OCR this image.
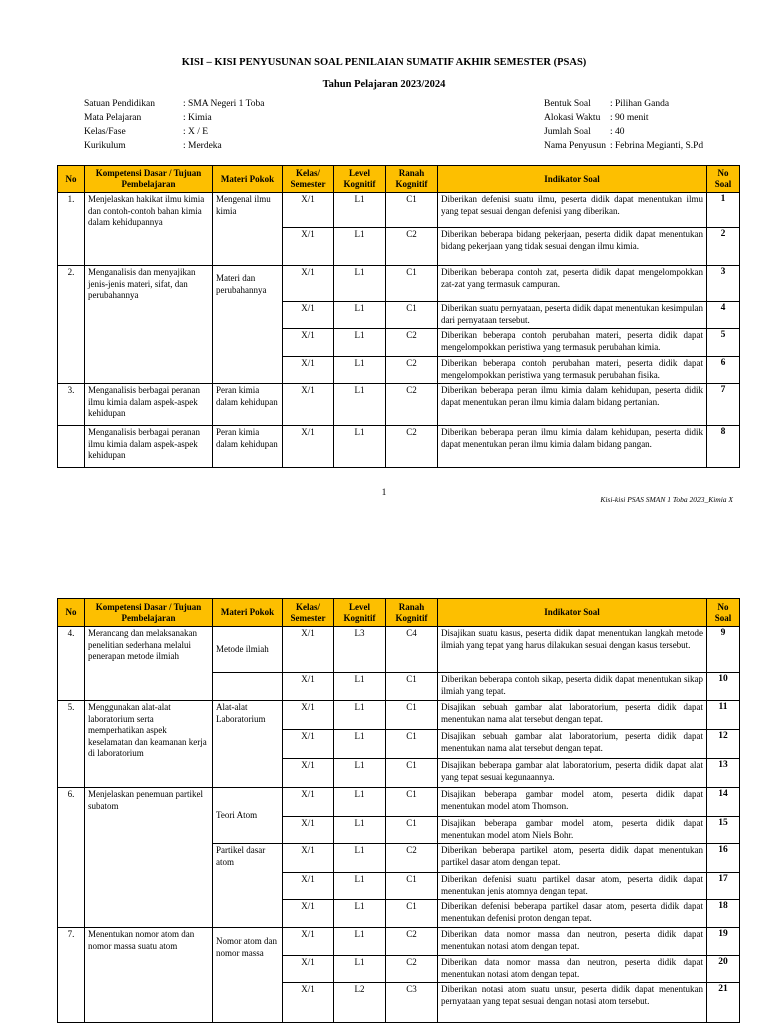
KISI – KISI PENYUSUNAN SOAL PENILAIAN SUMATIF AKHIR SEMESTER (PSAS)
Tahun Pelajaran 2023/2024
Satuan Pendidikan	: SMA Negeri 1 Toba
Mata Pelajaran	: Kimia
Kelas/Fase	: X / E
Kurikulum	: Merdeka
Bentuk Soal	: Pilihan Ganda
Alokasi Waktu	: 90 menit
Jumlah Soal	: 40
Nama Penyusun : Febrina Megianti, S.Pd
No	Kompetensi Dasar / Tujuan Pembelajaran	Materi Pokok	Kelas/ Semester	Level Kognitif	Ranah Kognitif	Indikator Soal	No Soal
1.	Menjelaskan hakikat ilmu kimia dan contoh-contoh bahan kimia dalam kehidupannya	Mengenal ilmu kimia	X/1	L1	C1	Diberikan defenisi suatu ilmu, peserta didik dapat menentukan ilmu yang tepat sesuai dengan defenisi yang diberikan.	1
			X/1	L1	C2	Diberikan beberapa bidang pekerjaan, peserta didik dapat menentukan bidang pekerjaan yang tidak sesuai dengan ilmu kimia.	2
2.	Menganalisis dan menyajikan jenis-jenis materi, sifat, dan perubahannya	Materi dan perubahannya	X/1	L1	C1	Diberikan beberapa contoh zat, peserta didik dapat mengelompokkan zat-zat yang termasuk campuran.	3
			X/1	L1	C1	Diberikan suatu pernyataan, peserta didik dapat menentukan kesimpulan dari pernyataan tersebut.	4
			X/1	L1	C2	Diberikan beberapa contoh perubahan materi, peserta didik dapat mengelompokkan peristiwa yang termasuk perubahan kimia.	5
			X/1	L1	C2	Diberikan beberapa contoh perubahan materi, peserta didik dapat mengelompokkan peristiwa yang termasuk perubahan fisika.	6
3.	Menganalisis berbagai peranan ilmu kimia dalam aspek-aspek kehidupan	Peran kimia dalam kehidupan	X/1	L1	C2	Diberikan beberapa peran ilmu kimia dalam kehidupan, peserta didik dapat menentukan peran ilmu kimia dalam bidang pertanian.	7
	Menganalisis berbagai peranan ilmu kimia dalam aspek-aspek kehidupan	Peran kimia dalam kehidupan	X/1	L1	C2	Diberikan beberapa peran ilmu kimia dalam kehidupan, peserta didik dapat menentukan peran ilmu kimia dalam bidang pangan.	8
1
Kisi-kisi PSAS SMAN 1 Toba 2023_Kimia X
No	Kompetensi Dasar / Tujuan Pembelajaran	Materi Pokok	Kelas/ Semester	Level Kognitif	Ranah Kognitif	Indikator Soal	No Soal
4.	Merancang dan melaksanakan penelitian sederhana melalui penerapan metode ilmiah	Metode ilmiah	X/1	L3	C4	Disajikan suatu kasus, peserta didik dapat menentukan langkah metode ilmiah yang tepat yang harus dilakukan sesuai dengan kasus tersebut.	9
			X/1	L1	C1	Diberikan beberapa contoh sikap, peserta didik dapat menentukan sikap ilmiah yang tepat.	10
5.	Menggunakan alat-alat laboratorium serta memperhatikan aspek keselamatan dan keamanan kerja di laboratorium	Alat-alat Laboratorium	X/1	L1	C1	Disajikan sebuah gambar alat laboratorium, peserta didik dapat menentukan nama alat tersebut dengan tepat.	11
			X/1	L1	C1	Disajikan sebuah gambar alat laboratorium, peserta didik dapat menentukan nama alat tersebut dengan tepat.	12
			X/1	L1	C1	Disajikan beberapa gambar alat laboratorium, peserta didik dapat alat yang tepat sesuai kegunaannya.	13
6.	Menjelaskan penemuan partikel subatom	Teori Atom	X/1	L1	C1	Disajikan beberapa gambar model atom, peserta didik dapat menentukan model atom Thomson.	14
			X/1	L1	C1	Disajikan beberapa gambar model atom, peserta didik dapat menentukan model atom Niels Bohr.	15
		Partikel dasar atom	X/1	L1	C2	Diberikan beberapa partikel atom, peserta didik dapat menentukan partikel dasar atom dengan tepat.	16
			X/1	L1	C1	Diberikan defenisi suatu partikel dasar atom, peserta didik dapat menentukan jenis atomnya dengan tepat.	17
			X/1	L1	C1	Diberikan defenisi beberapa partikel dasar atom, peserta didik dapat menentukan defenisi proton dengan tepat.	18
7.	Menentukan nomor atom dan nomor massa suatu atom	Nomor atom dan nomor massa	X/1	L1	C2	Diberikan data nomor massa dan neutron, peserta didik dapat menentukan notasi atom dengan tepat.	19
			X/1	L1	C2	Diberikan data nomor massa dan neutron, peserta didik dapat menentukan notasi atom dengan tepat.	20
			X/1	L2	C3	Diberikan notasi atom suatu unsur, peserta didik dapat menentukan pernyataan yang tepat sesuai dengan notasi atom tersebut.	21
